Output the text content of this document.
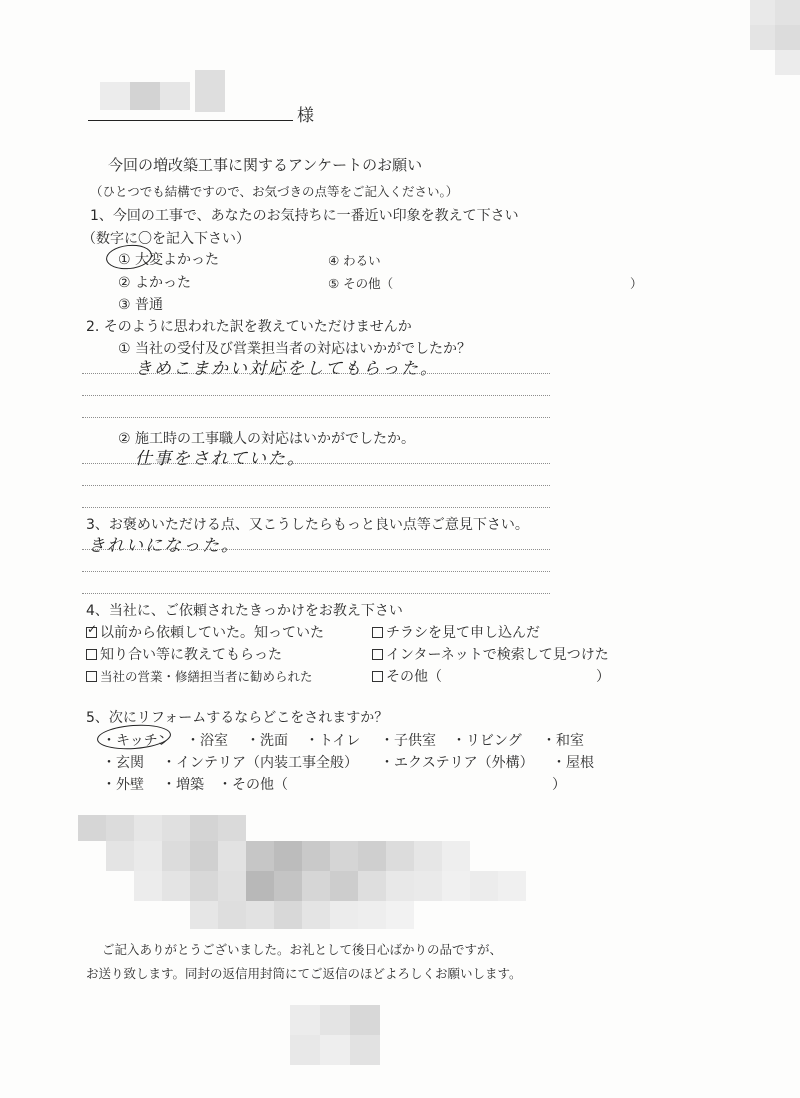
様
今回の増改築工事に関するアンケートのお願い
（ひとつでも結構ですので、お気づきの点等をご記入ください。）
1、今回の工事で、あなたのお気持ちに一番近い印象を教えて下さい
（数字に〇を記入下さい）
① 大変よかった
② よかった
③ 普通
④ わるい
⑤ その他（	）
2. そのように思われた訳を教えていただけませんか
① 当社の受付及び営業担当者の対応はいかがでしたか？
きめこまかい対応をしてもらった。
② 施工時の工事職人の対応はいかがでしたか。
仕事をされていた。
3、お褒めいただける点、又こうしたらもっと良い点等ご意見下さい。
きれいになった。
4、当社に、ご依頼されたきっかけをお教え下さい
✓ 以前から依頼していた。知っていた	チラシを見て申し込んだ
知り合い等に教えてもらった	インターネットで検索して見つけた
当社の営業・修繕担当者に勧められた	その他（	）
5、次にリフォームするならどこをされますか？
・キッチン ・浴室 ・洗面 ・トイレ ・子供室 ・リビング ・和室
・玄関 ・インテリア（内装工事全般） ・エクステリア（外構） ・屋根
・外壁 ・増築 ・その他（	）
ご記入ありがとうございました。お礼として後日心ばかりの品ですが、
お送り致します。同封の返信用封筒にてご返信のほどよろしくお願いします。
